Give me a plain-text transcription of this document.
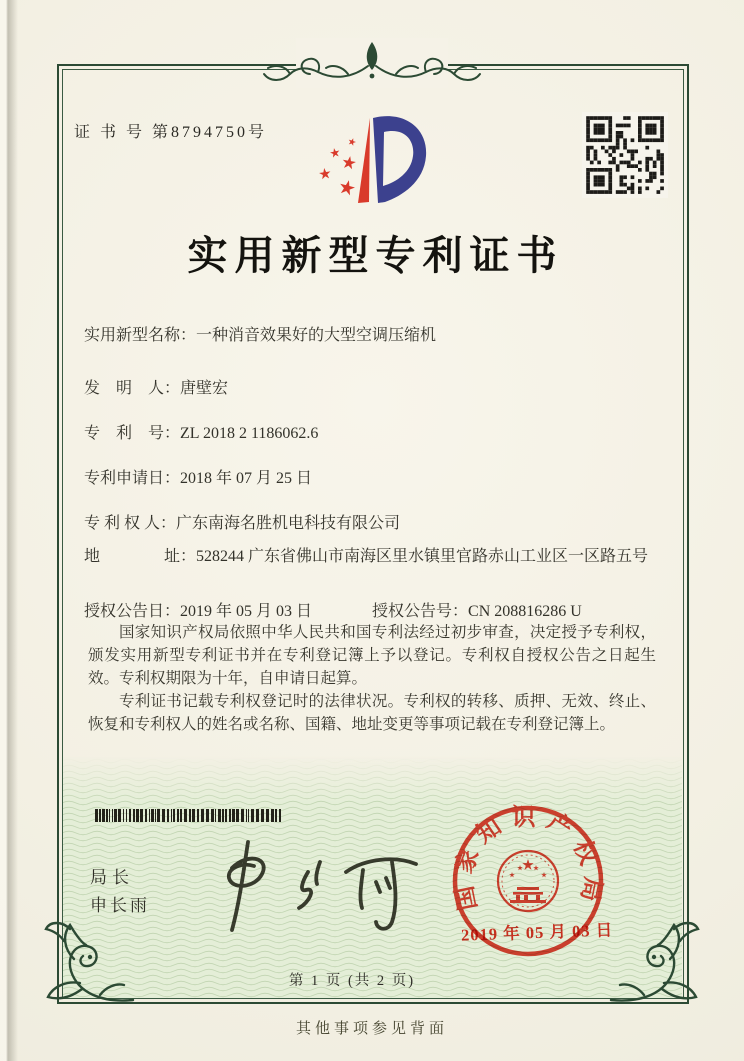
证 书 号 第8794750号
实用新型专利证书
实用新型名称：一种消音效果好的大型空调压缩机
发　明　人：唐壁宏
专　利　号：ZL 2018 2 1186062.6
专利申请日：2018 年 07 月 25 日
专 利 权 人：广东南海名胜机电科技有限公司
地　　　　址： 528244 广东省佛山市南海区里水镇里官路赤山工业区一区路五号
授权公告日：2019 年 05 月 03 日	授权公告号：CN 208816286 U

国家知识产权局依照中华人民共和国专利法经过初步审查，决定授予专利权，颁发实用新型专利证书并在专利登记簿上予以登记。专利权自授权公告之日起生效。专利权期限为十年，自申请日起算。

专利证书记载专利权登记时的法律状况。专利权的转移、质押、无效、终止、恢复和专利权人的姓名或名称、国籍、地址变更等事项记载在专利登记簿上。

局长
申长雨	国家知识产权局
2019 年 05 月 03 日
第 1 页 (共 2 页)
其他事项参见背面
